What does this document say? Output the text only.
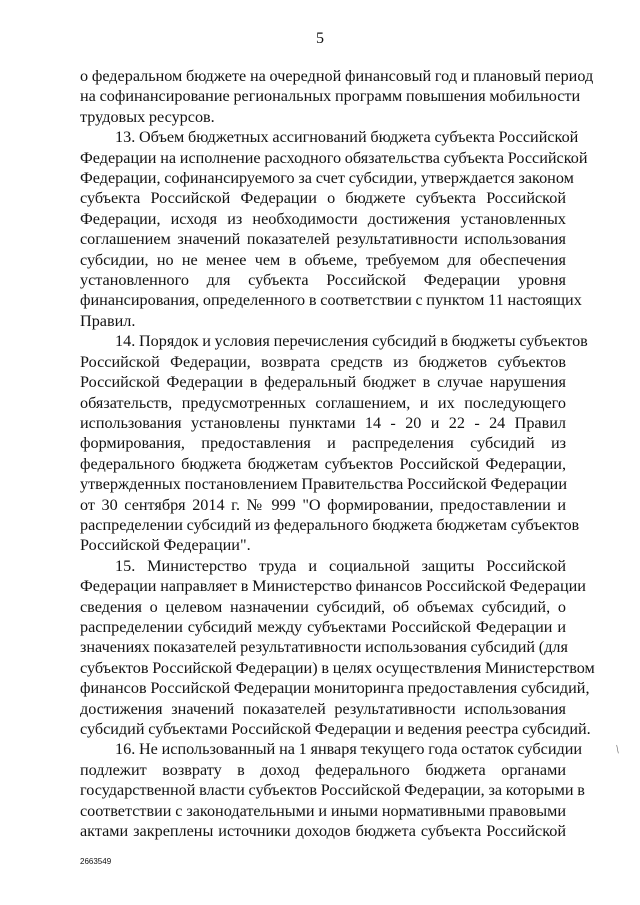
5
о федеральном бюджете на очередной финансовый год и плановый период
на софинансирование региональных программ повышения мобильности
трудовых ресурсов.
13. Объем бюджетных ассигнований бюджета субъекта Российской
Федерации на исполнение расходного обязательства субъекта Российской
Федерации, софинансируемого за счет субсидии, утверждается законом
субъекта Российской Федерации о бюджете субъекта Российской
Федерации, исходя из необходимости достижения установленных
соглашением значений показателей результативности использования
субсидии, но не менее чем в объеме, требуемом для обеспечения
установленного для субъекта Российской Федерации уровня
финансирования, определенного в соответствии с пунктом 11 настоящих
Правил.
14. Порядок и условия перечисления субсидий в бюджеты субъектов
Российской Федерации, возврата средств из бюджетов субъектов
Российской Федерации в федеральный бюджет в случае нарушения
обязательств, предусмотренных соглашением, и их последующего
использования установлены пунктами 14 - 20 и 22 - 24 Правил
формирования, предоставления и распределения субсидий из
федерального бюджета бюджетам субъектов Российской Федерации,
утвержденных постановлением Правительства Российской Федерации
от 30 сентября 2014 г. № 999 "О формировании, предоставлении и
распределении субсидий из федерального бюджета бюджетам субъектов
Российской Федерации".
15. Министерство труда и социальной защиты Российской
Федерации направляет в Министерство финансов Российской Федерации
сведения о целевом назначении субсидий, об объемах субсидий, о
распределении субсидий между субъектами Российской Федерации и
значениях показателей результативности использования субсидий (для
субъектов Российской Федерации) в целях осуществления Министерством
финансов Российской Федерации мониторинга предоставления субсидий,
достижения значений показателей результативности использования
субсидий субъектами Российской Федерации и ведения реестра субсидий.
16. Не использованный на 1 января текущего года остаток субсидии
подлежит возврату в доход федерального бюджета органами
государственной власти субъектов Российской Федерации, за которыми в
соответствии с законодательными и иными нормативными правовыми
актами закреплены источники доходов бюджета субъекта Российской
2663549
/
